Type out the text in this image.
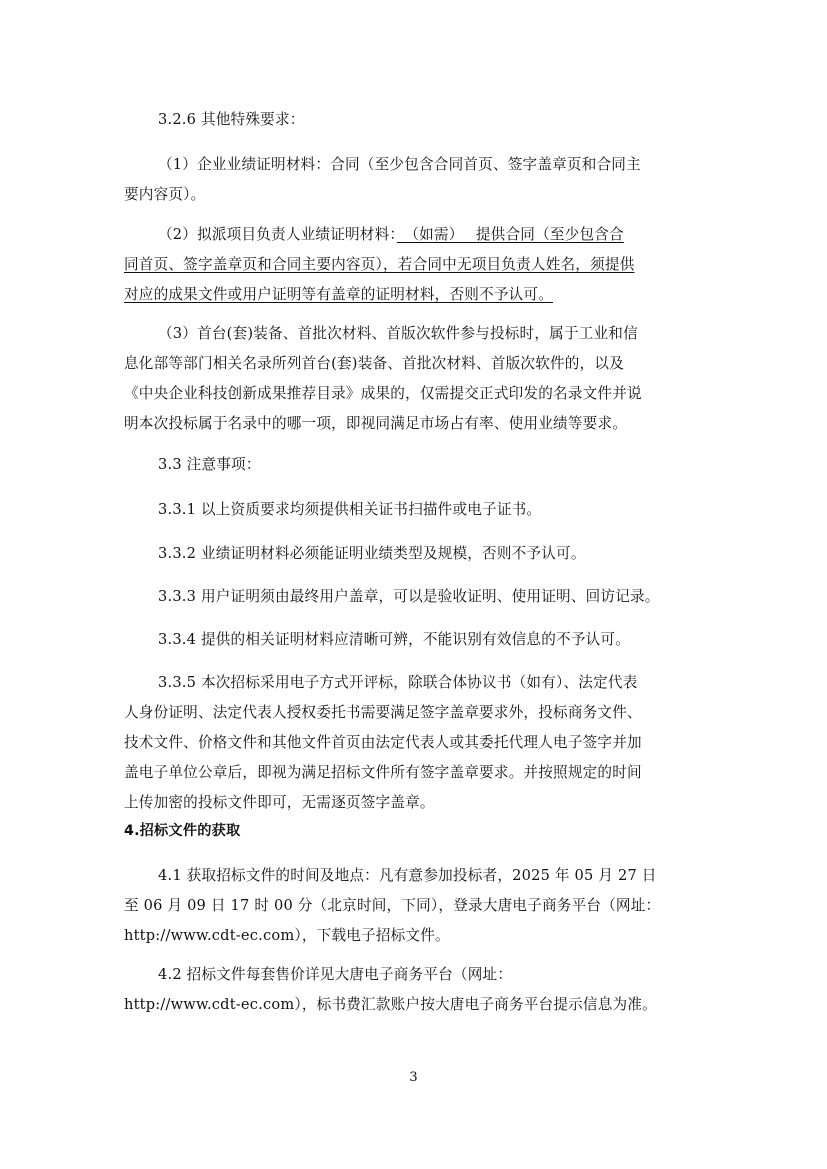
3.2.6 其他特殊要求：

（1）企业业绩证明材料：合同（至少包含合同首页、签字盖章页和合同主
要内容页）。

（2）拟派项目负责人业绩证明材料：　（如需）　 提供合同（至少包含合
同首页、签字盖章页和合同主要内容页），若合同中无项目负责人姓名，须提供
对应的成果文件或用户证明等有盖章的证明材料，否则不予认可。

（3）首台(套)装备、首批次材料、首版次软件参与投标时，属于工业和信
息化部等部门相关名录所列首台(套)装备、首批次材料、首版次软件的，以及
《中央企业科技创新成果推荐目录》成果的，仅需提交正式印发的名录文件并说
明本次投标属于名录中的哪一项，即视同满足市场占有率、使用业绩等要求。

3.3 注意事项：

3.3.1 以上资质要求均须提供相关证书扫描件或电子证书。

3.3.2 业绩证明材料必须能证明业绩类型及规模，否则不予认可。

3.3.3 用户证明须由最终用户盖章，可以是验收证明、使用证明、回访记录。

3.3.4 提供的相关证明材料应清晰可辨，不能识别有效信息的不予认可。

3.3.5 本次招标采用电子方式开评标，除联合体协议书（如有）、法定代表
人身份证明、法定代表人授权委托书需要满足签字盖章要求外，投标商务文件、
技术文件、价格文件和其他文件首页由法定代表人或其委托代理人电子签字并加
盖电子单位公章后，即视为满足招标文件所有签字盖章要求。并按照规定的时间
上传加密的投标文件即可，无需逐页签字盖章。

4.招标文件的获取

4.1 获取招标文件的时间及地点：凡有意参加投标者，2025 年 05 月 27 日
至 06 月 09 日 17 时 00 分（北京时间，下同），登录大唐电子商务平台（网址：
http://www.cdt-ec.com），下载电子招标文件。

4.2 招标文件每套售价详见大唐电子商务平台（网址：
http://www.cdt-ec.com），标书费汇款账户按大唐电子商务平台提示信息为准。

3
